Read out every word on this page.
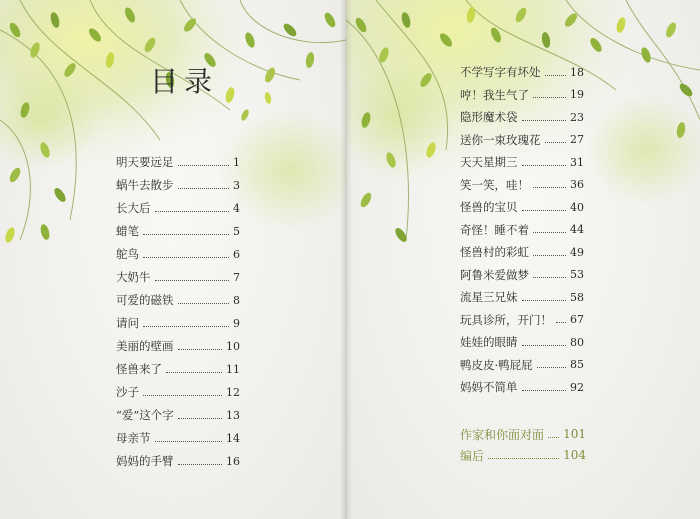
目录
明天要远足	1
蜗牛去散步	3
长大后	4
蜡笔	5
鸵鸟	6
大奶牛	7
可爱的磁铁	8
请问	9
美丽的壁画	10
怪兽来了	11
沙子	12
“爱”这个字	13
母亲节	14
妈妈的手臂	16
不学写字有坏处	18
哼！我生气了	19
隐形魔术袋	23
送你一束玫瑰花	27
天天星期三	31
笑一笑，哇！	36
怪兽的宝贝	40
奇怪！睡不着	44
怪兽村的彩虹	49
阿鲁米爱做梦	53
流星三兄妹	58
玩具诊所，开门！ 67
娃娃的眼睛	80
鸭皮皮·鸭屁屁	85
妈妈不简单	92
作家和你面对面 101
编后	104
